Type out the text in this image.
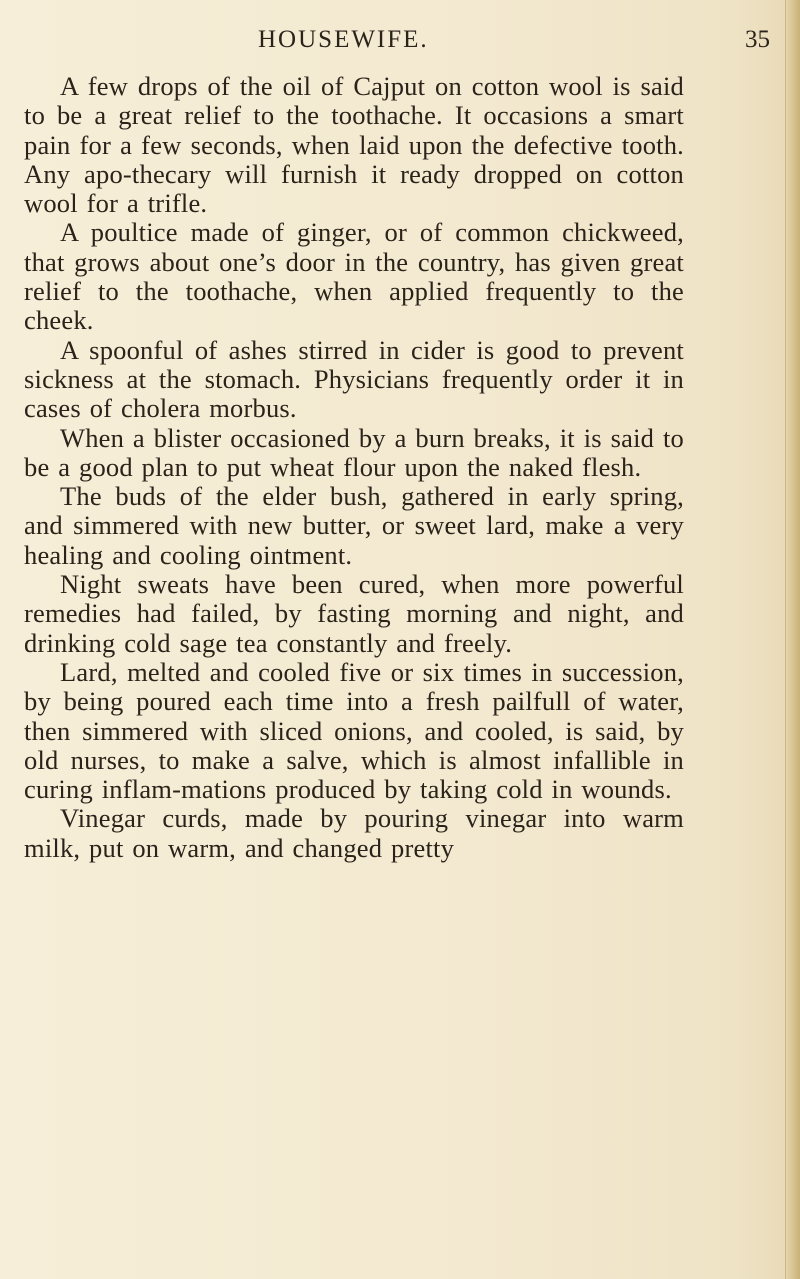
HOUSEWIFE.	35

A few drops of the oil of Cajput on cotton wool is said to be a great relief to the toothache. It occasions a smart pain for a few seconds, when laid upon the defective tooth. Any apo-thecary will furnish it ready dropped on cotton wool for a trifle.

A poultice made of ginger, or of common chickweed, that grows about one’s door in the country, has given great relief to the toothache, when applied frequently to the cheek.

A spoonful of ashes stirred in cider is good to prevent sickness at the stomach. Physicians frequently order it in cases of cholera morbus.

When a blister occasioned by a burn breaks, it is said to be a good plan to put wheat flour upon the naked flesh.

The buds of the elder bush, gathered in early spring, and simmered with new butter, or sweet lard, make a very healing and cooling ointment.

Night sweats have been cured, when more powerful remedies had failed, by fasting morning and night, and drinking cold sage tea constantly and freely.

Lard, melted and cooled five or six times in succession, by being poured each time into a fresh pailfull of water, then simmered with sliced onions, and cooled, is said, by old nurses, to make a salve, which is almost infallible in curing inflam-mations produced by taking cold in wounds.

Vinegar curds, made by pouring vinegar into warm milk, put on warm, and changed pretty
